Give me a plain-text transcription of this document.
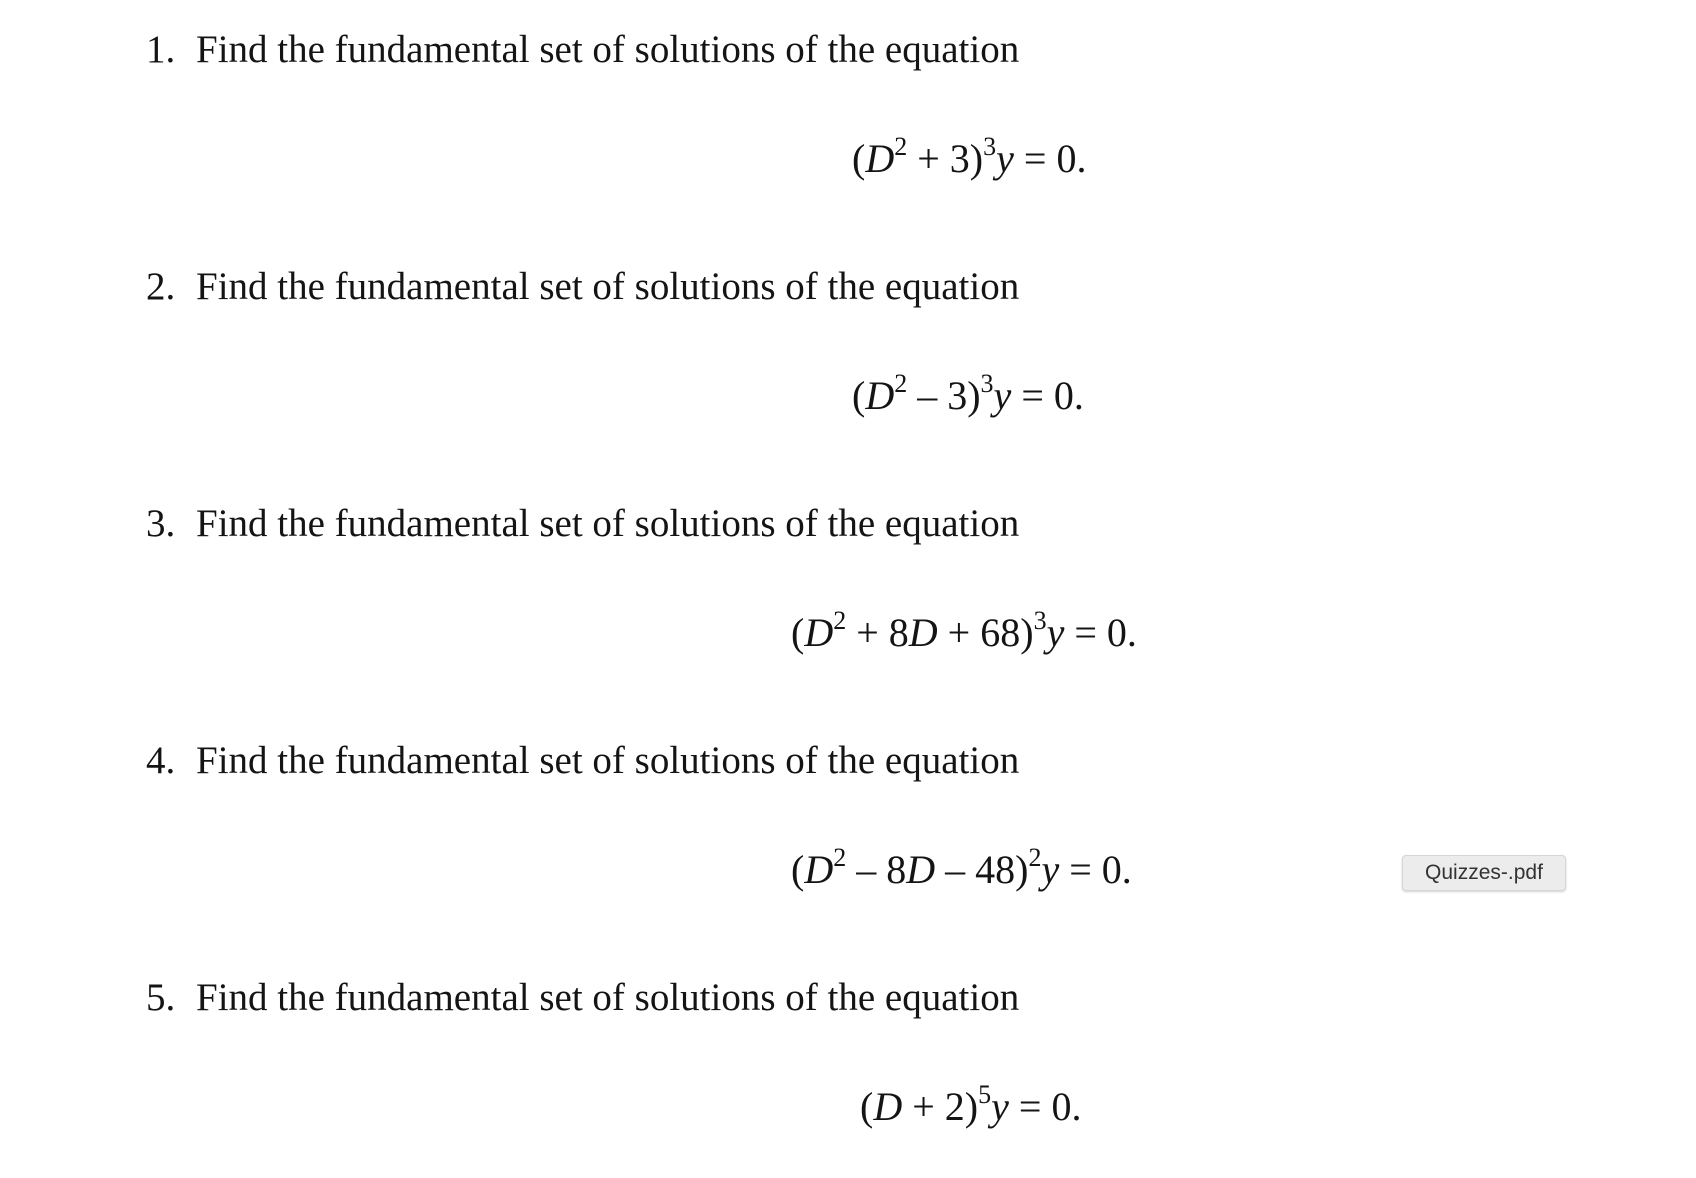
1. Find the fundamental set of solutions of the equation
$(D^2 + 3)^3y = 0$.
2. Find the fundamental set of solutions of the equation
$(D^2 - 3)^3y = 0$.
3. Find the fundamental set of solutions of the equation
$(D^2 + 8D + 68)^3y = 0$.
4. Find the fundamental set of solutions of the equation
$(D^2 - 8D - 48)^2y = 0$.
5. Find the fundamental set of solutions of the equation
$(D + 2)^5y = 0$.
Quizzes-.pdf
